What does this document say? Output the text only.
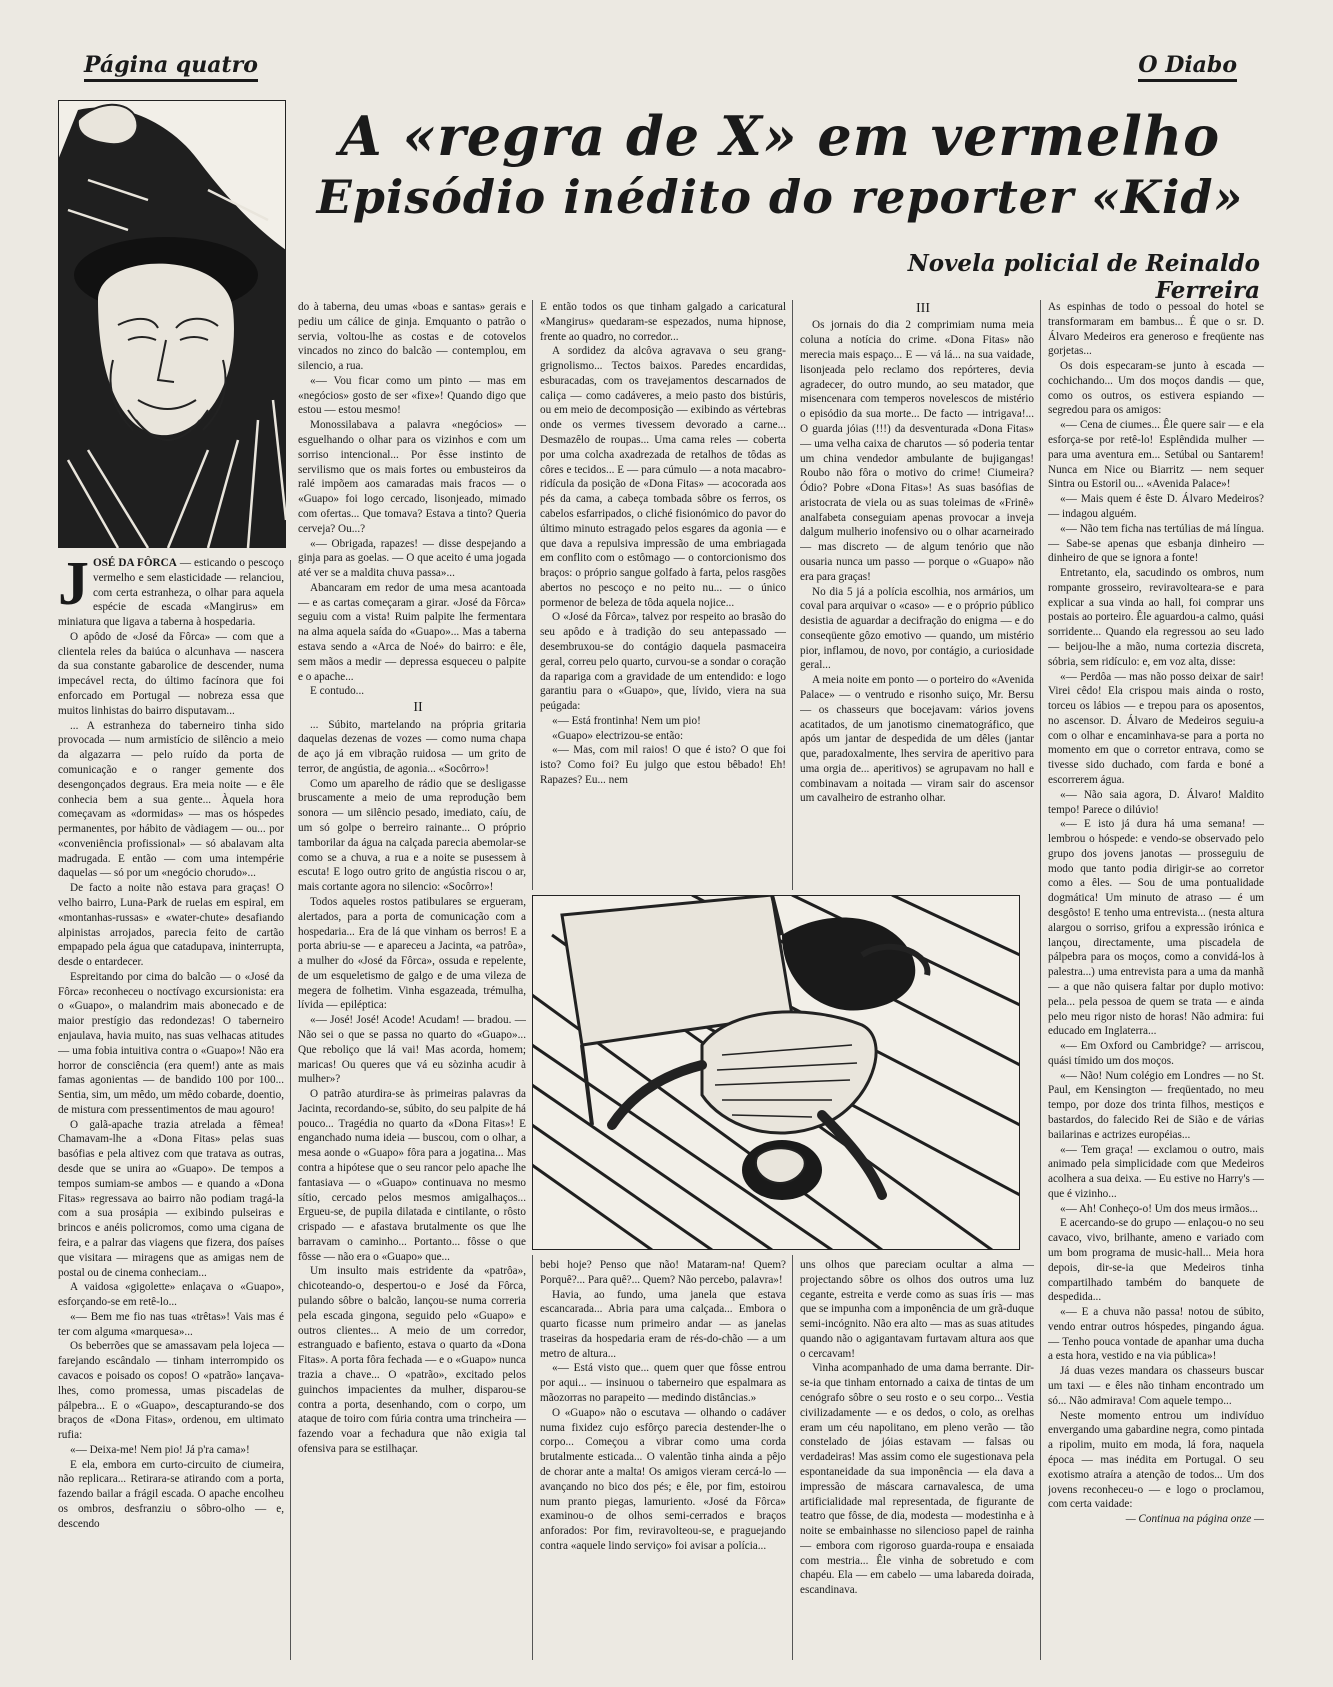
Página quatro	O Diabo
A «regra de X» em vermelho
Episódio inédito do reporter «Kid»
Novela policial de Reinaldo Ferreira

J OSÉ DA FÔRCA — esticando o pescoço vermelho e sem elasticidade — relanciou, com certa estranheza, o olhar para aquela espécie de escada «Mangirus» em miniatura que ligava a taberna à hospedaria.

O apôdo de «José da Fôrca» — com que a clientela reles da baiúca o alcunhava — nascera da sua constante gabarolice de descender, numa impecável recta, do último facínora que foi enforcado em Portugal — nobreza essa que muitos linhistas do bairro disputavam...

... A estranheza do taberneiro tinha sido provocada — num armistício de silêncio a meio da algazarra — pelo ruído da porta de comunicação e o ranger gemente dos desengonçados degraus. Era meia noite — e êle conhecia bem a sua gente... Àquela hora começavam as «dormidas» — mas os hóspedes permanentes, por hábito de vàdiagem — ou... por «conveniência profissional» — só abalavam alta madrugada. E então — com uma intempérie daquelas — só por um «negócio chorudo»...

De facto a noite não estava para graças! O velho bairro, Luna-Park de ruelas em espiral, em «montanhas-russas» e «water-chute» desafiando alpinistas arrojados, parecia feito de cartão empapado pela água que catadupava, ininterrupta, desde o entardecer.

Espreitando por cima do balcão — o «José da Fôrca» reconheceu o noctívago excursionista: era o «Guapo», o malandrim mais abonecado e de maior prestígio das redondezas! O taberneiro enjaulava, havia muito, nas suas velhacas atitudes — uma fobia intuitiva contra o «Guapo»! Não era horror de consciência (era quem!) ante as mais famas agonientas — de bandido 100 por 100... Sentia, sim, um mêdo, um mêdo cobarde, doentio, de mistura com pressentimentos de mau agouro!

O galã-apache trazia atrelada a fêmea! Chamavam-lhe a «Dona Fitas» pelas suas basófias e pela altivez com que tratava as outras, desde que se unira ao «Guapo». De tempos a tempos sumiam-se ambos — e quando a «Dona Fitas» regressava ao bairro não podiam tragá-la com a sua prosápia — exibindo pulseiras e brincos e anéis policromos, como uma cigana de feira, e a palrar das viagens que fizera, dos países que visitara — miragens que as amigas nem de postal ou de cinema conheciam...

A vaidosa «gigolette» enlaçava o «Guapo», esforçando-se em retê-lo...

«— Bem me fio nas tuas «trêtas»! Vais mas é ter com alguma «marquesa»...

Os beberrões que se amassavam pela lojeca — farejando escândalo — tinham interrompido os cavacos e poisado os copos! O «patrão» lançava-lhes, como promessa, umas piscadelas de pálpebra... E o «Guapo», descapturando-se dos braços de «Dona Fitas», ordenou, em ultimato rufia:

«— Deixa-me! Nem pio! Já p'ra cama»!

E ela, embora em curto-circuito de ciumeira, não replicara... Retirara-se atirando com a porta, fazendo bailar a frágil escada. O apache encolheu os ombros, desfranziu o sôbro-olho — e, descendo

do à taberna, deu umas «boas e santas» gerais e pediu um cálice de ginja. Emquanto o patrão o servia, voltou-lhe as costas e de cotovelos vincados no zinco do balcão — contemplou, em silencio, a rua.

«— Vou ficar como um pinto — mas em «negócios» gosto de ser «fixe»! Quando digo que estou — estou mesmo!

Monossilabava a palavra «negócios» — esguelhando o olhar para os vizinhos e com um sorriso intencional... Por êsse instinto de servilismo que os mais fortes ou embusteiros da ralé impõem aos camaradas mais fracos — o «Guapo» foi logo cercado, lisonjeado, mimado com ofertas... Que tomava? Estava a tinto? Queria cerveja? Ou...?

«— Obrigada, rapazes! — disse despejando a ginja para as goelas. — O que aceito é uma jogada até ver se a maldita chuva passa»...

Abancaram em redor de uma mesa acantoada — e as cartas começaram a girar. «José da Fôrca» seguiu com a vista! Ruim palpite lhe fermentara na alma aquela saída do «Guapo»... Mas a taberna estava sendo a «Arca de Noé» do bairro: e êle, sem mãos a medir — depressa esqueceu o palpite e o apache...

E contudo...

II

... Súbito, martelando na própria gritaria daquelas dezenas de vozes — como numa chapa de aço já em vibração ruidosa — um grito de terror, de angústia, de agonia... «Socôrro»!

Como um aparelho de rádio que se desligasse bruscamente a meio de uma reprodução bem sonora — um silêncio pesado, imediato, caíu, de um só golpe o berreiro rainante... O próprio tamborilar da água na calçada parecia abemolar-se como se a chuva, a rua e a noite se pusessem à escuta! E logo outro grito de angústia riscou o ar, mais cortante agora no silencio: «Socôrro»!

Todos aqueles rostos patibulares se ergueram, alertados, para a porta de comunicação com a hospedaria... Era de lá que vinham os berros! E a porta abriu-se — e apareceu a Jacinta, «a patrôa», a mulher do «José da Fôrca», ossuda e repelente, de um esqueletismo de galgo e de uma vileza de megera de folhetim. Vinha esgazeada, trémulha, lívida — epiléptica:

«— José! José! Acode! Acudam! — bradou. — Não sei o que se passa no quarto do «Guapo»... Que reboliço que lá vai! Mas acorda, homem; maricas! Ou queres que vá eu sòzinha acudir à mulher»?

O patrão aturdira-se às primeiras palavras da Jacinta, recordando-se, súbito, do seu palpite de há pouco... Tragédia no quarto da «Dona Fitas»! E enganchado numa ideia — buscou, com o olhar, a mesa aonde o «Guapo» fôra para a jogatina... Mas contra a hipótese que o seu rancor pelo apache lhe fantasiava — o «Guapo» continuava no mesmo sítio, cercado pelos mesmos amigalhaços... Ergueu-se, de pupila dilatada e cintilante, o rôsto crispado — e afastava brutalmente os que lhe barravam o caminho... Portanto... fôsse o que fôsse — não era o «Guapo» que...

Um insulto mais estridente da «patrôa», chicoteando-o, despertou-o e José da Fôrca, pulando sôbre o balcão, lançou-se numa correria pela escada gingona, seguido pelo «Guapo» e outros clientes... A meio de um corredor, estranguado e bafiento, estava o quarto da «Dona Fitas». A porta fôra fechada — e o «Guapo» nunca trazia a chave... O «patrão», excitado pelos guinchos impacientes da mulher, disparou-se contra a porta, desenhando, com o corpo, um ataque de toiro com fúria contra uma trincheira — fazendo voar a fechadura que não exigia tal ofensiva para se estilhaçar.

E então todos os que tinham galgado a caricatural «Mangirus» quedaram-se espezados, numa hipnose, frente ao quadro, no corredor...

A sordidez da alcôva agravava o seu grang-grignolismo... Tectos baixos. Paredes encardidas, esburacadas, com os travejamentos descarnados de caliça — como cadáveres, a meio pasto dos bistúris, ou em meio de decomposição — exibindo as vértebras onde os vermes tivessem devorado a carne... Desmazêlo de roupas... Uma cama reles — coberta por uma colcha axadrezada de retalhos de tôdas as côres e tecidos... E — para cúmulo — a nota macabro-ridícula da posição de «Dona Fitas» — acocorada aos pés da cama, a cabeça tombada sôbre os ferros, os cabelos esfarripados, o cliché fisionómico do pavor do último minuto estragado pelos esgares da agonia — e que dava a repulsiva impressão de uma embriagada em conflito com o estômago — o contorcionismo dos braços: o próprio sangue golfado à farta, pelos rasgões abertos no pescoço e no peito nu... — o único pormenor de beleza de tôda aquela nojice...

O «José da Fôrca», talvez por respeito ao brasão do seu apôdo e à tradição do seu antepassado — desembruxou-se do contágio daquela pasmaceira geral, correu pelo quarto, curvou-se a sondar o coração da rapariga com a gravidade de um entendido: e logo garantiu para o «Guapo», que, lívido, viera na sua peúgada:

«— Está frontinha! Nem um pio!

«Guapo» electrizou-se então:

«— Mas, com mil raios! O que é isto? O que foi isto? Como foi? Eu julgo que estou bêbado! Eh! Rapazes? Eu... nem

bebi hoje? Penso que não! Mataram-na! Quem? Porquê?... Para quê?... Quem? Não percebo, palavra»!

Havia, ao fundo, uma janela que estava escancarada... Abria para uma calçada... Embora o quarto ficasse num primeiro andar — as janelas traseiras da hospedaria eram de rés-do-chão — a um metro de altura...

«— Está visto que... quem quer que fôsse entrou por aqui... — insinuou o taberneiro que espalmara as mãozorras no parapeito — medindo distâncias.»

O «Guapo» não o escutava — olhando o cadáver numa fixidez cujo esfôrço parecia destender-lhe o corpo... Começou a vibrar como uma corda brutalmente esticada... O valentão tinha ainda a pêjo de chorar ante a malta! Os amigos vieram cercá-lo — avançando no bico dos pés; e êle, por fim, estoirou num pranto piegas, lamuriento. «José da Fôrca» examinou-o de olhos semi-cerrados e braços anforados: Por fim, reviravolteou-se, e praguejando contra «aquele lindo serviço» foi avisar a polícia...

III

Os jornais do dia 2 comprimiam numa meia coluna a notícia do crime. «Dona Fitas» não merecia mais espaço... E — vá lá... na sua vaidade, lisonjeada pelo reclamo dos repórteres, devia agradecer, do outro mundo, ao seu matador, que misencenara com temperos novelescos de mistério o episódio da sua morte... De facto — intrigava!... O guarda jóias (!!!) da desventurada «Dona Fitas» — uma velha caixa de charutos — só poderia tentar um china vendedor ambulante de bujigangas! Roubo não fôra o motivo do crime! Ciumeira? Ódio? Pobre «Dona Fitas»! As suas basófias de aristocrata de viela ou as suas toleimas de «Frinê» analfabeta conseguiam apenas provocar a inveja dalgum mulherio inofensivo ou o olhar acarneirado — mas discreto — de algum tenório que não ousaria nunca um passo — porque o «Guapo» não era para graças!

No dia 5 já a polícia escolhia, nos armários, um coval para arquivar o «caso» — e o próprio público desistia de aguardar a decifração do enigma — e do conseqüente gôzo emotivo — quando, um mistério pior, inflamou, de novo, por contágio, a curiosidade geral...

A meia noite em ponto — o porteiro do «Avenida Palace» — o ventrudo e risonho suiço, Mr. Bersu — os chasseurs que bocejavam: vários jovens acatitados, de um janotismo cinematográfico, que após um jantar de despedida de um dêles (jantar que, paradoxalmente, lhes servira de aperitivo para uma orgia de... aperitivos) se agrupavam no hall e combinavam a noitada — viram sair do ascensor um cavalheiro de estranho olhar.

uns olhos que pareciam ocultar a alma — projectando sôbre os olhos dos outros uma luz cegante, estreita e verde como as suas íris — mas que se impunha com a imponência de um grã-duque semi-incógnito. Não era alto — mas as suas atitudes quando não o agigantavam furtavam altura aos que o cercavam!

Vinha acompanhado de uma dama berrante. Dir-se-ia que tinham entornado a caixa de tintas de um cenógrafo sôbre o seu rosto e o seu corpo... Vestia civilizadamente — e os dedos, o colo, as orelhas eram um céu napolitano, em pleno verão — tão constelado de jóias estavam — falsas ou verdadeiras! Mas assim como ele sugestionava pela espontaneidade da sua imponência — ela dava a impressão de máscara carnavalesca, de uma artificialidade mal representada, de figurante de teatro que fôsse, de dia, modesta — modestinha e à noite se embainhasse no silencioso papel de rainha — embora com rigoroso guarda-roupa e ensaiada com mestria... Êle vinha de sobretudo e com chapéu. Ela — em cabelo — uma labareda doirada, escandinava.

As espinhas de todo o pessoal do hotel se transformaram em bambus... É que o sr. D. Álvaro Medeiros era generoso e freqüente nas gorjetas...

Os dois especaram-se junto à escada — cochichando... Um dos moços dandis — que, como os outros, os estivera espiando — segredou para os amigos:

«— Cena de ciumes... Êle quere sair — e ela esforça-se por retê-lo! Esplêndida mulher — para uma aventura em... Setúbal ou Santarem! Nunca em Nice ou Biarritz — nem sequer Sintra ou Estoril ou... «Avenida Palace»!

«— Mais quem é êste D. Álvaro Medeiros? — indagou alguém.

«— Não tem ficha nas tertúlias de má língua. — Sabe-se apenas que esbanja dinheiro — dinheiro de que se ignora a fonte!

Entretanto, ela, sacudindo os ombros, num rompante grosseiro, reviravolteara-se e para explicar a sua vinda ao hall, foi comprar uns postais ao porteiro. Êle aguardou-a calmo, quási sorridente... Quando ela regressou ao seu lado — beijou-lhe a mão, numa cortezia discreta, sóbria, sem ridículo: e, em voz alta, disse:

«— Perdôa — mas não posso deixar de sair! Virei cêdo! Ela crispou mais ainda o rosto, torceu os lábios — e trepou para os aposentos, no ascensor. D. Álvaro de Medeiros seguiu-a com o olhar e encaminhava-se para a porta no momento em que o corretor entrava, como se tivesse sido duchado, com farda e boné a escorrerem água.

«— Não saia agora, D. Álvaro! Maldito tempo! Parece o dilúvio!

«— E isto já dura há uma semana! — lembrou o hóspede: e vendo-se observado pelo grupo dos jovens janotas — prosseguiu de modo que tanto podia dirigir-se ao corretor como a êles. — Sou de uma pontualidade dogmática! Um minuto de atraso — é um desgôsto! E tenho uma entrevista... (nesta altura alargou o sorriso, grifou a expressão irónica e lançou, directamente, uma piscadela de pálpebra para os moços, como a convidá-los à palestra...) uma entrevista para a uma da manhã — a que não quisera faltar por duplo motivo: pela... pela pessoa de quem se trata — e ainda pelo meu rigor nisto de horas! Não admira: fui educado em Inglaterra...

«— Em Oxford ou Cambridge? — arriscou, quási tímido um dos moços.

«— Não! Num colégio em Londres — no St. Paul, em Kensington — freqüentado, no meu tempo, por doze dos trinta filhos, mestiços e bastardos, do falecido Rei de Sião e de várias bailarinas e actrizes européias...

«— Tem graça! — exclamou o outro, mais animado pela simplicidade com que Medeiros acolhera a sua deixa. — Eu estive no Harry's — que é vizinho...

«— Ah! Conheço-o! Um dos meus irmãos...

E acercando-se do grupo — enlaçou-o no seu cavaco, vivo, brilhante, ameno e variado com um bom programa de music-hall... Meia hora depois, dir-se-ia que Medeiros tinha compartilhado também do banquete de despedida...

«— E a chuva não passa! notou de súbito, vendo entrar outros hóspedes, pingando água. — Tenho pouca vontade de apanhar uma ducha a esta hora, vestido e na via pública»!

Já duas vezes mandara os chasseurs buscar um taxi — e êles não tinham encontrado um só... Não admirava! Com aquele tempo...

Neste momento entrou um indivíduo envergando uma gabardine negra, como pintada a ripolim, muito em moda, lá fora, naquela época — mas inédita em Portugal. O seu exotismo atraíra a atenção de todos... Um dos jovens reconheceu-o — e logo o proclamou, com certa vaidade:

— Continua na página onze —
